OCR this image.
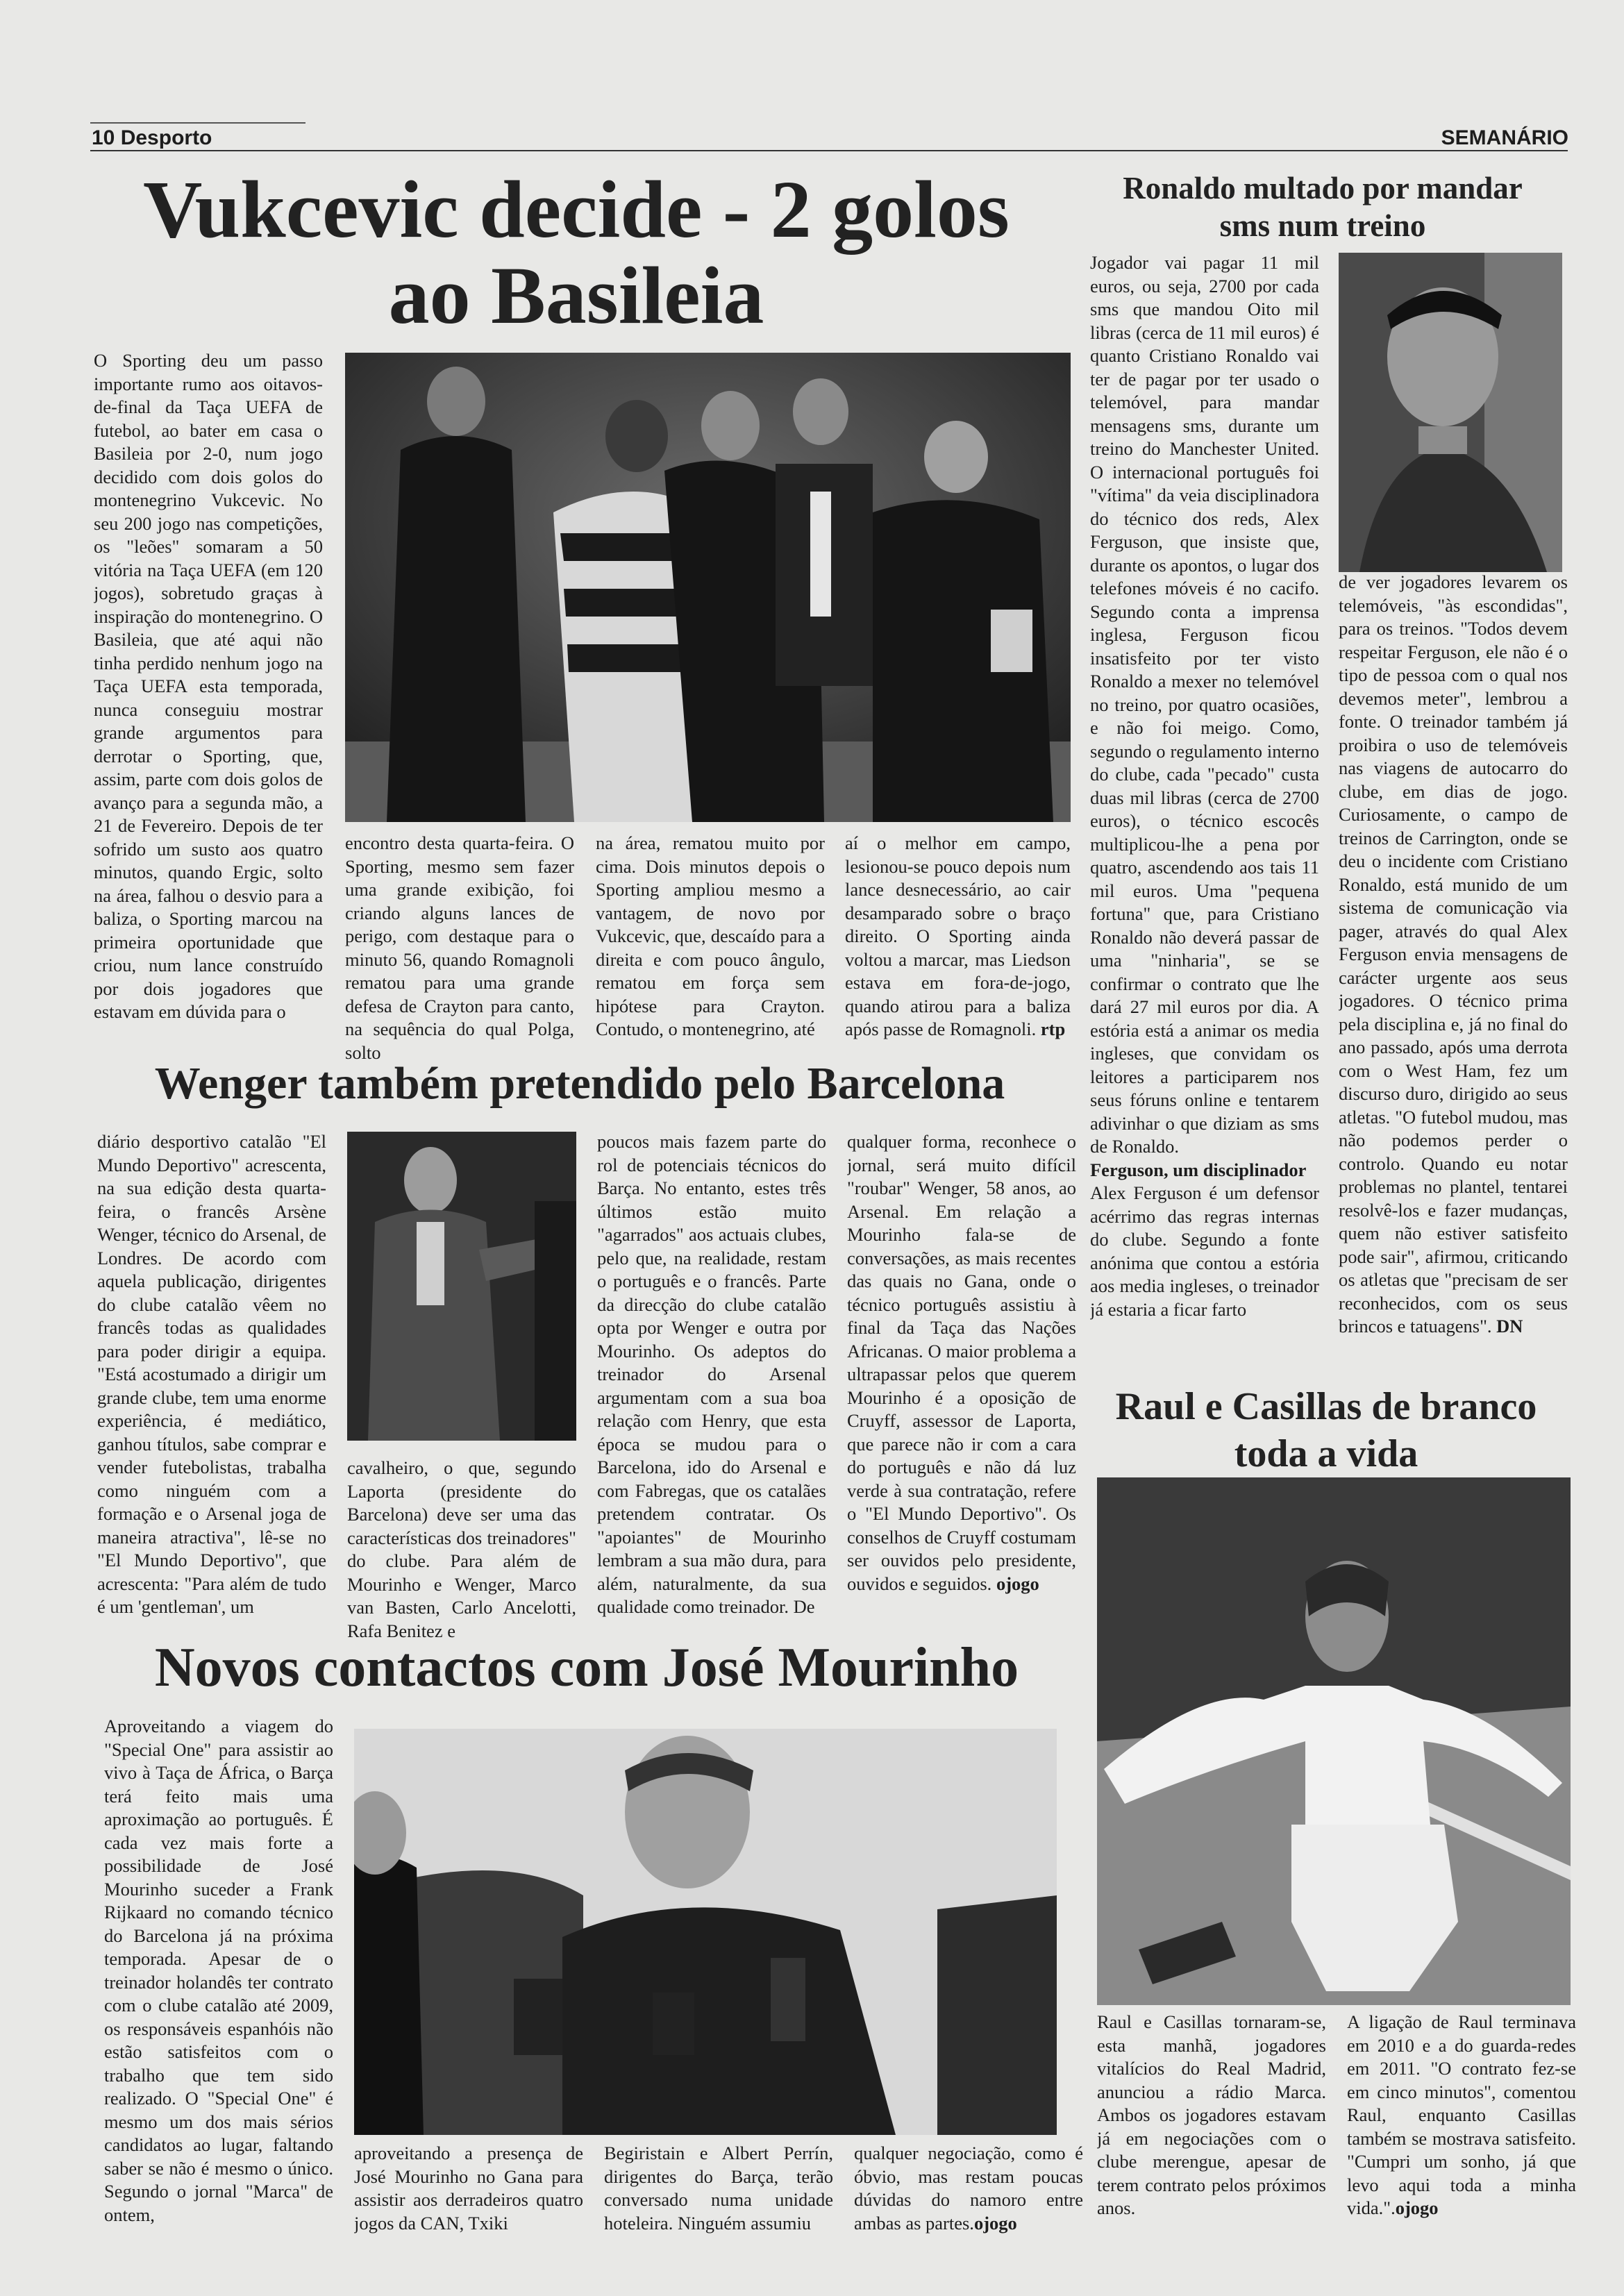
10 Desporto	SEMANÁRIO
Vukcevic decide - 2 golos
ao Basileia

O Sporting deu um passo importante rumo aos oitavos-de-final da Taça UEFA de futebol, ao bater em casa o Basileia por 2-0, num jogo decidido com dois golos do montenegrino Vukcevic. No seu 200 jogo nas competições, os "leões" somaram a 50 vitória na Taça UEFA (em 120 jogos), sobretudo graças à inspiração do montenegrino. O Basileia, que até aqui não tinha perdido nenhum jogo na Taça UEFA esta temporada, nunca conseguiu mostrar grande argumentos para derrotar o Sporting, que, assim, parte com dois golos de avanço para a segunda mão, a 21 de Fevereiro. Depois de ter sofrido um susto aos quatro minutos, quando Ergic, solto na área, falhou o desvio para a baliza, o Sporting marcou na primeira oportunidade que criou, num lance construído por dois jogadores que estavam em dúvida para o

encontro desta quarta-feira. O Sporting, mesmo sem fazer uma grande exibição, foi criando alguns lances de perigo, com destaque para o minuto 56, quando Romagnoli rematou para uma grande defesa de Crayton para canto, na sequência do qual Polga, solto

na área, rematou muito por cima. Dois minutos depois o Sporting ampliou mesmo a vantagem, de novo por Vukcevic, que, descaído para a direita e com pouco ângulo, rematou em força sem hipótese para Crayton. Contudo, o montenegrino, até

aí o melhor em campo, lesionou-se pouco depois num lance desnecessário, ao cair desamparado sobre o braço direito. O Sporting ainda voltou a marcar, mas Liedson estava em fora-de-jogo, quando atirou para a baliza após passe de Romagnoli. rtp

Ronaldo multado por mandar
sms num treino

Jogador vai pagar 11 mil euros, ou seja, 2700 por cada sms que mandou Oito mil libras (cerca de 11 mil euros) é quanto Cristiano Ronaldo vai ter de pagar por ter usado o telemóvel, para mandar mensagens sms, durante um treino do Manchester United. O internacional português foi "vítima" da veia disciplinadora do técnico dos reds, Alex Ferguson, que insiste que, durante os apontos, o lugar dos telefones móveis é no cacifo. Segundo conta a imprensa inglesa, Ferguson ficou insatisfeito por ter visto Ronaldo a mexer no telemóvel no treino, por quatro ocasiões, e não foi meigo. Como, segundo o regulamento interno do clube, cada "pecado" custa duas mil libras (cerca de 2700 euros), o técnico escocês multiplicou-lhe a pena por quatro, ascendendo aos tais 11 mil euros. Uma "pequena fortuna" que, para Cristiano Ronaldo não deverá passar de uma "ninharia", se se confirmar o contrato que lhe dará 27 mil euros por dia. A estória está a animar os media ingleses, que convidam os leitores a participarem nos seus fóruns online e tentarem adivinhar o que diziam as sms de Ronaldo.

Ferguson, um disciplinador

Alex Ferguson é um defensor acérrimo das regras internas do clube. Segundo a fonte anónima que contou a estória aos media ingleses, o treinador já estaria a ficar farto

de ver jogadores levarem os telemóveis, "às escondidas", para os treinos. "Todos devem respeitar Ferguson, ele não é o tipo de pessoa com o qual nos devemos meter", lembrou a fonte. O treinador também já proibira o uso de telemóveis nas viagens de autocarro do clube, em dias de jogo. Curiosamente, o campo de treinos de Carrington, onde se deu o incidente com Cristiano Ronaldo, está munido de um sistema de comunicação via pager, através do qual Alex Ferguson envia mensagens de carácter urgente aos seus jogadores. O técnico prima pela disciplina e, já no final do ano passado, após uma derrota com o West Ham, fez um discurso duro, dirigido ao seus atletas. "O futebol mudou, mas não podemos perder o controlo. Quando eu notar problemas no plantel, tentarei resolvê-los e fazer mudanças, quem não estiver satisfeito pode sair", afirmou, criticando os atletas que "precisam de ser reconhecidos, com os seus brincos e tatuagens". DN

Wenger também pretendido pelo Barcelona

diário desportivo catalão "El Mundo Deportivo" acrescenta, na sua edição desta quarta-feira, o francês Arsène Wenger, técnico do Arsenal, de Londres. De acordo com aquela publicação, dirigentes do clube catalão vêem no francês todas as qualidades para poder dirigir a equipa. "Está acostumado a dirigir um grande clube, tem uma enorme experiência, é mediático, ganhou títulos, sabe comprar e vender futebolistas, trabalha como ninguém com a formação e o Arsenal joga de maneira atractiva", lê-se no "El Mundo Deportivo", que acrescenta: "Para além de tudo é um 'gentleman', um

cavalheiro, o que, segundo Laporta (presidente do Barcelona) deve ser uma das características dos treinadores" do clube. Para além de Mourinho e Wenger, Marco van Basten, Carlo Ancelotti, Rafa Benitez e

poucos mais fazem parte do rol de potenciais técnicos do Barça. No entanto, estes três últimos estão muito "agarrados" aos actuais clubes, pelo que, na realidade, restam o português e o francês. Parte da direcção do clube catalão opta por Wenger e outra por Mourinho. Os adeptos do treinador do Arsenal argumentam com a sua boa relação com Henry, que esta época se mudou para o Barcelona, ido do Arsenal e com Fabregas, que os catalães pretendem contratar. Os "apoiantes" de Mourinho lembram a sua mão dura, para além, naturalmente, da sua qualidade como treinador. De

qualquer forma, reconhece o jornal, será muito difícil "roubar" Wenger, 58 anos, ao Arsenal. Em relação a Mourinho fala-se de conversações, as mais recentes das quais no Gana, onde o técnico português assistiu à final da Taça das Nações Africanas. O maior problema a ultrapassar pelos que querem Mourinho é a oposição de Cruyff, assessor de Laporta, que parece não ir com a cara do português e não dá luz verde à sua contratação, refere o "El Mundo Deportivo". Os conselhos de Cruyff costumam ser ouvidos pelo presidente, ouvidos e seguidos. ojogo

Novos contactos com José Mourinho

Aproveitando a viagem do "Special One" para assistir ao vivo à Taça de África, o Barça terá feito mais uma aproximação ao português. É cada vez mais forte a possibilidade de José Mourinho suceder a Frank Rijkaard no comando técnico do Barcelona já na próxima temporada. Apesar de o treinador holandês ter contrato com o clube catalão até 2009, os responsáveis espanhóis não estão satisfeitos com o trabalho que tem sido realizado. O "Special One" é mesmo um dos mais sérios candidatos ao lugar, faltando saber se não é mesmo o único. Segundo o jornal "Marca" de ontem,

aproveitando a presença de José Mourinho no Gana para assistir aos derradeiros quatro jogos da CAN, Txiki

Begiristain e Albert Perrín, dirigentes do Barça, terão conversado numa unidade hoteleira. Ninguém assumiu

qualquer negociação, como é óbvio, mas restam poucas dúvidas do namoro entre ambas as partes.ojogo

Raul e Casillas de branco
toda a vida

Raul e Casillas tornaram-se, esta manhã, jogadores vitalícios do Real Madrid, anunciou a rádio Marca. Ambos os jogadores estavam já em negociações com o clube merengue, apesar de terem contrato pelos próximos anos.

A ligação de Raul terminava em 2010 e a do guarda-redes em 2011. "O contrato fez-se em cinco minutos", comentou Raul, enquanto Casillas também se mostrava satisfeito. "Cumpri um sonho, já que levo aqui toda a minha vida.".ojogo
